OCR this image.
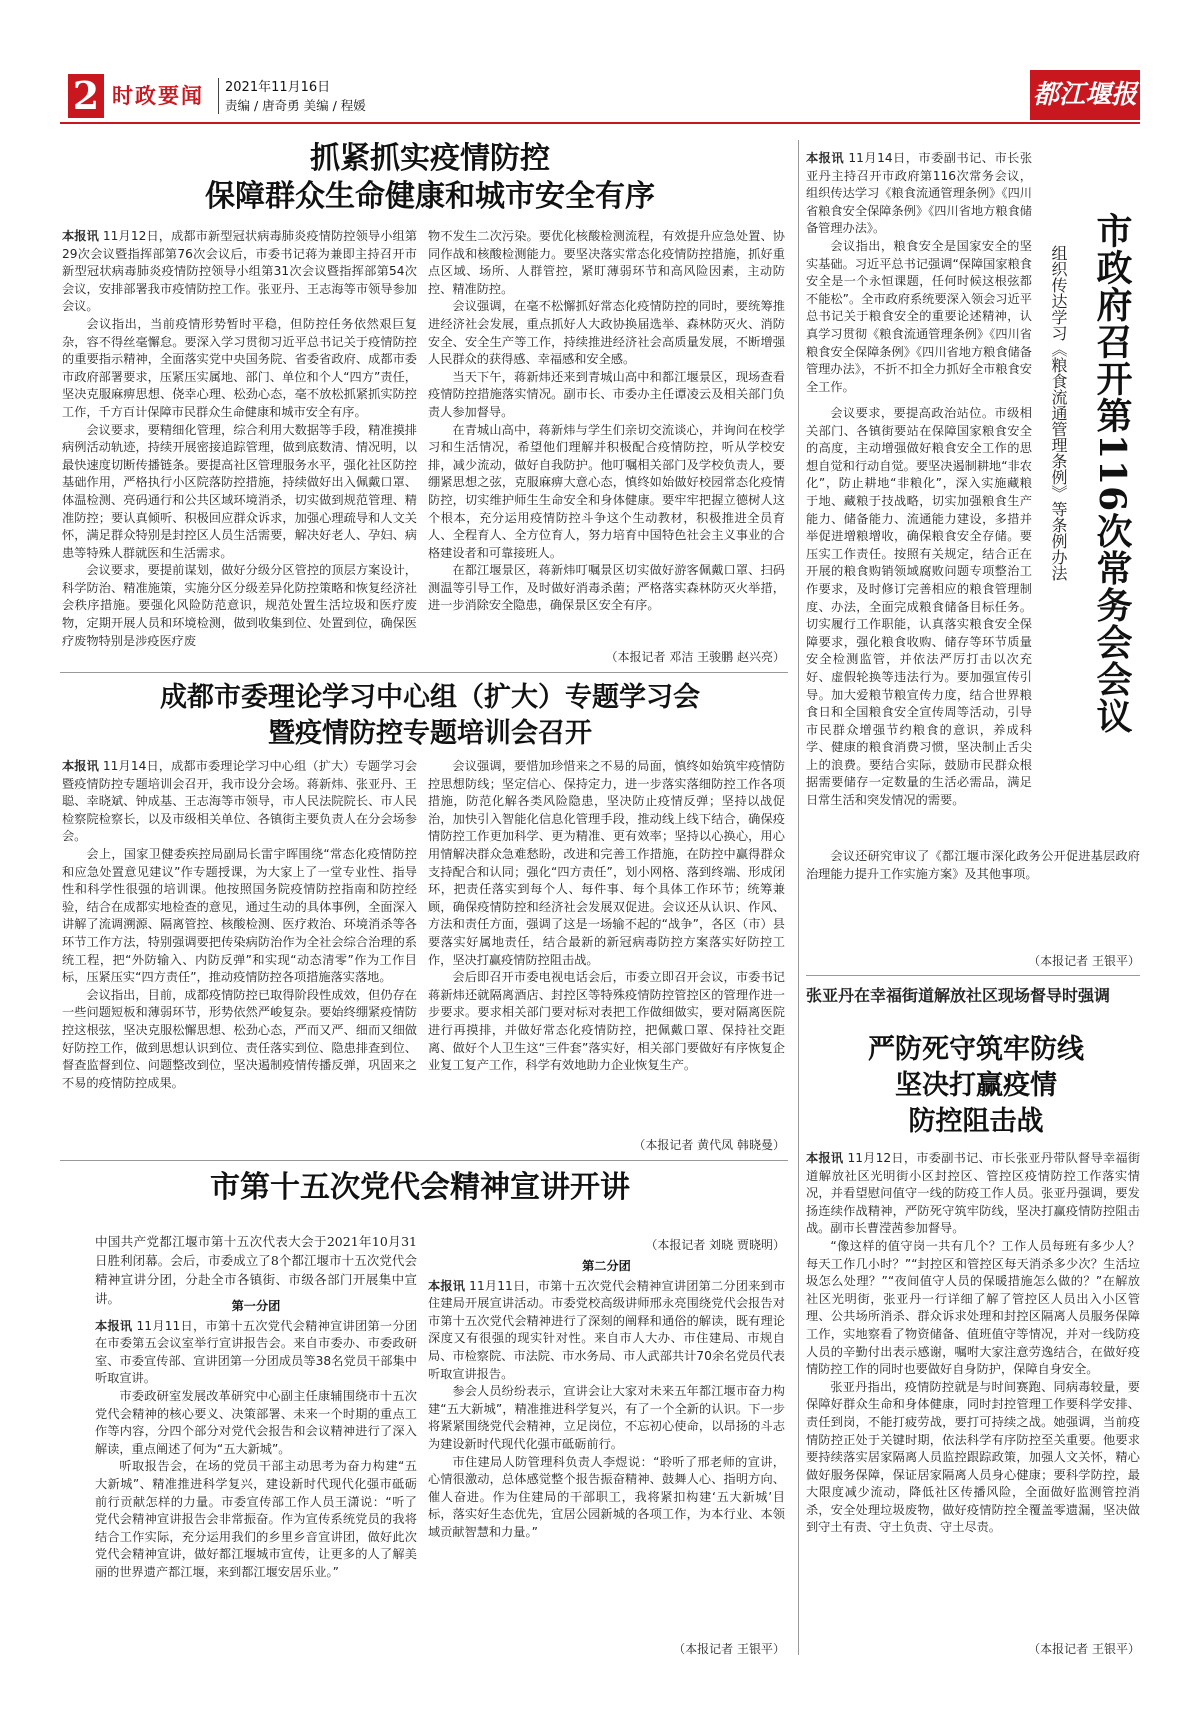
2 时政要闻 2021年11月16日
责编 / 唐奇勇 美编 / 程媛	都江堰报
抓紧抓实疫情防控
保障群众生命健康和城市安全有序

本报讯 11月12日，成都市新型冠状病毒肺炎疫情防控领导小组第29次会议暨指挥部第76次会议后，市委书记蒋为兼即主持召开市新型冠状病毒肺炎疫情防控领导小组第31次会议暨指挥部第54次会议，安排部署我市疫情防控工作。张亚丹、王志海等市领导参加会议。

会议指出，当前疫情形势暂时平稳，但防控任务依然艰巨复杂，容不得丝毫懈怠。要深入学习贯彻习近平总书记关于疫情防控的重要指示精神，全面落实党中央国务院、省委省政府、成都市委市政府部署要求，压紧压实属地、部门、单位和个人“四方”责任，坚决克服麻痹思想、侥幸心理、松劲心态，毫不放松抓紧抓实防控工作，千方百计保障市民群众生命健康和城市安全有序。

会议要求，要精细化管理，综合利用大数据等手段，精准摸排病例活动轨迹，持续开展密接追踪管理，做到底数清、情况明，以最快速度切断传播链条。要提高社区管理服务水平，强化社区防控基础作用，严格执行小区院落防控措施，持续做好出入佩戴口罩、体温检测、亮码通行和公共区域环境消杀，切实做到规范管理、精准防控；要认真倾听、积极回应群众诉求，加强心理疏导和人文关怀，满足群众特别是封控区人员生活需要，解决好老人、孕妇、病患等特殊人群就医和生活需求。

会议要求，要提前谋划，做好分级分区管控的顶层方案设计，科学防治、精准施策，实施分区分级差异化防控策略和恢复经济社会秩序措施。要强化风险防范意识，规范处置生活垃圾和医疗废物，定期开展人员和环境检测，做到收集到位、处置到位，确保医疗废物特别是涉疫医疗废

物不发生二次污染。要优化核酸检测流程，有效提升应急处置、协同作战和核酸检测能力。要坚决落实常态化疫情防控措施，抓好重点区域、场所、人群管控，紧盯薄弱环节和高风险因素，主动防控、精准防控。

会议强调，在毫不松懈抓好常态化疫情防控的同时，要统筹推进经济社会发展，重点抓好人大政协换届选举、森林防灭火、消防安全、安全生产等工作，持续推进经济社会高质量发展，不断增强人民群众的获得感、幸福感和安全感。

当天下午，蒋新炜还来到青城山高中和都江堰景区，现场查看疫情防控措施落实情况。副市长、市委办主任谭凌云及相关部门负责人参加督导。

在青城山高中，蒋新炜与学生们亲切交流谈心，并询问在校学习和生活情况，希望他们理解并积极配合疫情防控，听从学校安排，减少流动，做好自我防护。他叮嘱相关部门及学校负责人，要绷紧思想之弦，克服麻痹大意心态，慎终如始做好校园常态化疫情防控，切实维护师生生命安全和身体健康。要牢牢把握立德树人这个根本，充分运用疫情防控斗争这个生动教材，积极推进全员育人、全程育人、全方位育人，努力培育中国特色社会主义事业的合格建设者和可靠接班人。

在都江堰景区，蒋新炜叮嘱景区切实做好游客佩戴口罩、扫码测温等引导工作，及时做好消毒杀菌；严格落实森林防灭火举措，进一步消除安全隐患，确保景区安全有序。

（本报记者 邓洁 王骏鹏 赵兴亮）
成都市委理论学习中心组（扩大）专题学习会
暨疫情防控专题培训会召开

本报讯 11月14日，成都市委理论学习中心组（扩大）专题学习会暨疫情防控专题培训会召开，我市设分会场。蒋新炜、张亚丹、王聪、幸晓斌、钟成基、王志海等市领导，市人民法院院长、市人民检察院检察长，以及市级相关单位、各镇街主要负责人在分会场参会。

会上，国家卫健委疾控局副局长雷宇晖围绕“常态化疫情防控和应急处置意见建议”作专题授课，为大家上了一堂专业性、指导性和科学性很强的培训课。他按照国务院疫情防控指南和防控经验，结合在成都实地检查的意见，通过生动的具体事例，全面深入讲解了流调溯源、隔离管控、核酸检测、医疗救治、环境消杀等各环节工作方法，特别强调要把传染病防治作为全社会综合治理的系统工程，把“外防输入、内防反弹”和实现“动态清零”作为工作目标，压紧压实“四方责任”，推动疫情防控各项措施落实落地。

会议指出，目前，成都疫情防控已取得阶段性成效，但仍存在一些问题短板和薄弱环节，形势依然严峻复杂。要始终绷紧疫情防控这根弦，坚决克服松懈思想、松劲心态，严而又严、细而又细做好防控工作，做到思想认识到位、责任落实到位、隐患排查到位、督查监督到位、问题整改到位，坚决遏制疫情传播反弹，巩固来之不易的疫情防控成果。

会议强调，要惜加珍惜来之不易的局面，慎终如始筑牢疫情防控思想防线；坚定信心、保持定力，进一步落实落细防控工作各项措施，防范化解各类风险隐患，坚决防止疫情反弹；坚持以战促治，加快引入智能化信息化管理手段，推动线上线下结合，确保疫情防控工作更加科学、更为精准、更有效率；坚持以心换心，用心用情解决群众急难愁盼，改进和完善工作措施，在防控中赢得群众支持配合和认同；强化“四方责任”，划小网格、落到终端、形成闭环，把责任落实到每个人、每件事、每个具体工作环节；统筹兼顾，确保疫情防控和经济社会发展双促进。会议还从认识、作风、方法和责任方面，强调了这是一场输不起的“战争”，各区（市）县要落实好属地责任，结合最新的新冠病毒防控方案落实好防控工作，坚决打赢疫情防控阻击战。

会后即召开市委电视电话会后，市委立即召开会议，市委书记蒋新炜还就隔离酒店、封控区等特殊疫情防控管控区的管理作进一步要求。要求相关部门要对标对表把工作做细做实，要对隔离医院进行再摸排，并做好常态化疫情防控，把佩戴口罩、保持社交距离、做好个人卫生这“三件套”落实好，相关部门要做好有序恢复企业复工复产工作，科学有效地助力企业恢复生产。

（本报记者 黄代凤 韩晓曼）
市第十五次党代会精神宣讲开讲
中国共产党都江堰市第十五次代表大会于2021年10月31日胜利闭幕。会后，市委成立了8个都江堰市十五次党代会精神宣讲分团，分赴全市各镇街、市级各部门开展集中宣讲。	第一分团

本报讯 11月11日，市第十五次党代会精神宣讲团第一分团在市委第五会议室举行宣讲报告会。来自市委办、市委政研室、市委宣传部、宣讲团第一分团成员等38名党员干部集中听取宣讲。

市委政研室发展改革研究中心副主任康辅围绕市十五次党代会精神的核心要义、决策部署、未来一个时期的重点工作等内容，分四个部分对党代会报告和会议精神进行了深入解读，重点阐述了何为“五大新城”。

听取报告会，在场的党员干部主动思考为奋力构建“五大新城”、精准推进科学复兴，建设新时代现代化强市砥砺前行贡献怎样的力量。市委宣传部工作人员王潇说：“听了党代会精神宣讲报告会非常振奋。作为宣传系统党员的我将结合工作实际，充分运用我们的乡里乡音宣讲团，做好此次党代会精神宣讲，做好都江堰城市宣传，让更多的人了解美丽的世界遗产都江堰，来到都江堰安居乐业。”

（本报记者 刘晓 贾晓明）
第二分团

本报讯 11月11日，市第十五次党代会精神宣讲团第二分团来到市住建局开展宣讲活动。市委党校高级讲师邢永亮围绕党代会报告对市第十五次党代会精神进行了深刻的阐释和通俗的解读，既有理论深度又有很强的现实针对性。来自市人大办、市住建局、市规自局、市检察院、市法院、市水务局、市人武部共计70余名党员代表听取宣讲报告。

参会人员纷纷表示，宣讲会让大家对未来五年都江堰市奋力构建“五大新城”，精准推进科学复兴，有了一个全新的认识。下一步将紧紧围绕党代会精神，立足岗位，不忘初心使命，以昂扬的斗志为建设新时代现代化强市砥砺前行。

市住建局人防管理科负责人李煜说：“聆听了邢老师的宣讲，心情很激动，总体感觉整个报告振奋精神、鼓舞人心、指明方向、催人奋进。作为住建局的干部职工，我将紧扣构建‘五大新城’目标，落实好生态优先，宜居公园新城的各项工作，为本行业、本领域贡献智慧和力量。”

（本报记者 王银平）
市政府召开第116次常务会会议
组织传达学习《粮食流通管理条例》等条例办法

本报讯 11月14日，市委副书记、市长张亚丹主持召开市政府第116次常务会议，组织传达学习《粮食流通管理条例》《四川省粮食安全保障条例》《四川省地方粮食储备管理办法》。

会议指出，粮食安全是国家安全的坚实基础。习近平总书记强调“保障国家粮食安全是一个永恒课题，任何时候这根弦都不能松”。全市政府系统要深入领会习近平总书记关于粮食安全的重要论述精神，认真学习贯彻《粮食流通管理条例》《四川省粮食安全保障条例》《四川省地方粮食储备管理办法》，不折不扣全力抓好全市粮食安全工作。

会议要求，要提高政治站位。市级相关部门、各镇街要站在保障国家粮食安全的高度，主动增强做好粮食安全工作的思想自觉和行动自觉。要坚决遏制耕地“非农化”，防止耕地“非粮化”，深入实施藏粮于地、藏粮于技战略，切实加强粮食生产能力、储备能力、流通能力建设，多措并举促进增粮增收，确保粮食安全存储。要压实工作责任。按照有关规定，结合正在开展的粮食购销领域腐败问题专项整治工作要求，及时修订完善相应的粮食管理制度、办法，全面完成粮食储备目标任务。切实履行工作职能，认真落实粮食安全保障要求，强化粮食收购、储存等环节质量安全检测监管，并依法严厉打击以次充好、虚假轮换等违法行为。要加强宣传引导。加大爱粮节粮宣传力度，结合世界粮食日和全国粮食安全宣传周等活动，引导市民群众增强节约粮食的意识，养成科学、健康的粮食消费习惯，坚决制止舌尖上的浪费。要结合实际，鼓励市民群众根据需要储存一定数量的生活必需品，满足日常生活和突发情况的需要。

会议还研究审议了《都江堰市深化政务公开促进基层政府治理能力提升工作实施方案》及其他事项。

（本报记者 王银平）
张亚丹在幸福街道解放社区现场督导时强调
严防死守筑牢防线
坚决打赢疫情
防控阻击战

本报讯 11月12日，市委副书记、市长张亚丹带队督导幸福街道解放社区光明街小区封控区、管控区疫情防控工作落实情况，并看望慰问值守一线的防疫工作人员。张亚丹强调，要发扬连续作战精神，严防死守筑牢防线，坚决打赢疫情防控阻击战。副市长曹滢茜参加督导。

“像这样的值守岗一共有几个？工作人员每班有多少人？每天工作几小时？”“封控区和管控区每天消杀多少次？生活垃圾怎么处理？”“夜间值守人员的保暖措施怎么做的？”在解放社区光明街，张亚丹一行详细了解了管控区人员出入小区管理、公共场所消杀、群众诉求处理和封控区隔离人员服务保障工作，实地察看了物资储备、值班值守等情况，并对一线防疫人员的辛勤付出表示感谢，嘱咐大家注意劳逸结合，在做好疫情防控工作的同时也要做好自身防护，保障自身安全。

张亚丹指出，疫情防控就是与时间赛跑、同病毒较量，要保障好群众生命和身体健康，同时封控管理工作要科学安排、责任到岗，不能打疲劳战，要打可持续之战。她强调，当前疫情防控正处于关键时期，依法科学有序防控至关重要。他要求要持续落实居家隔离人员监控跟踪政策，加强人文关怀，精心做好服务保障，保证居家隔离人员身心健康；要科学防控，最大限度减少流动，降低社区传播风险，全面做好监测管控消杀，安全处理垃圾废物，做好疫情防控全覆盖零遗漏，坚决做到守土有责、守土负责、守土尽责。

（本报记者 王银平）
